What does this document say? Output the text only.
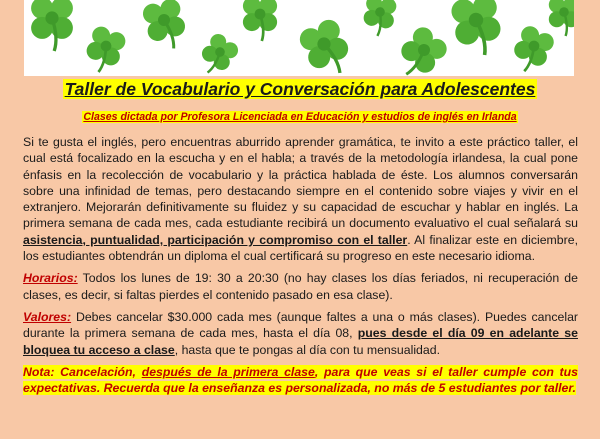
Taller de Vocabulario y Conversación para Adolescentes
Clases dictada por Profesora Licenciada en Educación y estudios de inglés en Irlanda

Si te gusta el inglés, pero encuentras aburrido aprender gramática, te invito a este práctico taller, el cual está focalizado en la escucha y en el habla; a través de la metodología irlandesa, la cual pone énfasis en la recolección de vocabulario y la práctica hablada de éste. Los alumnos conversarán sobre una infinidad de temas, pero destacando siempre en el contenido sobre viajes y vivir en el extranjero. Mejorarán definitivamente su fluidez y su capacidad de escuchar y hablar en inglés. La primera semana de cada mes, cada estudiante recibirá un documento evaluativo el cual señalará su asistencia, puntualidad, participación y compromiso con el taller. Al finalizar este en diciembre, los estudiantes obtendrán un diploma el cual certificará su progreso en este necesario idioma.

Horarios: Todos los lunes de 19: 30 a 20:30 (no hay clases los días feriados, ni recuperación de clases, es decir, si faltas pierdes el contenido pasado en esa clase).

Valores: Debes cancelar $30.000 cada mes (aunque faltes a una o más clases). Puedes cancelar durante la primera semana de cada mes, hasta el día 08, pues desde el día 09 en adelante se bloquea tu acceso a clase, hasta que te pongas al día con tu mensualidad.

Nota: Cancelación, después de la primera clase, para que veas si el taller cumple con tus expectativas. Recuerda que la enseñanza es personalizada, no más de 5 estudiantes por taller.
